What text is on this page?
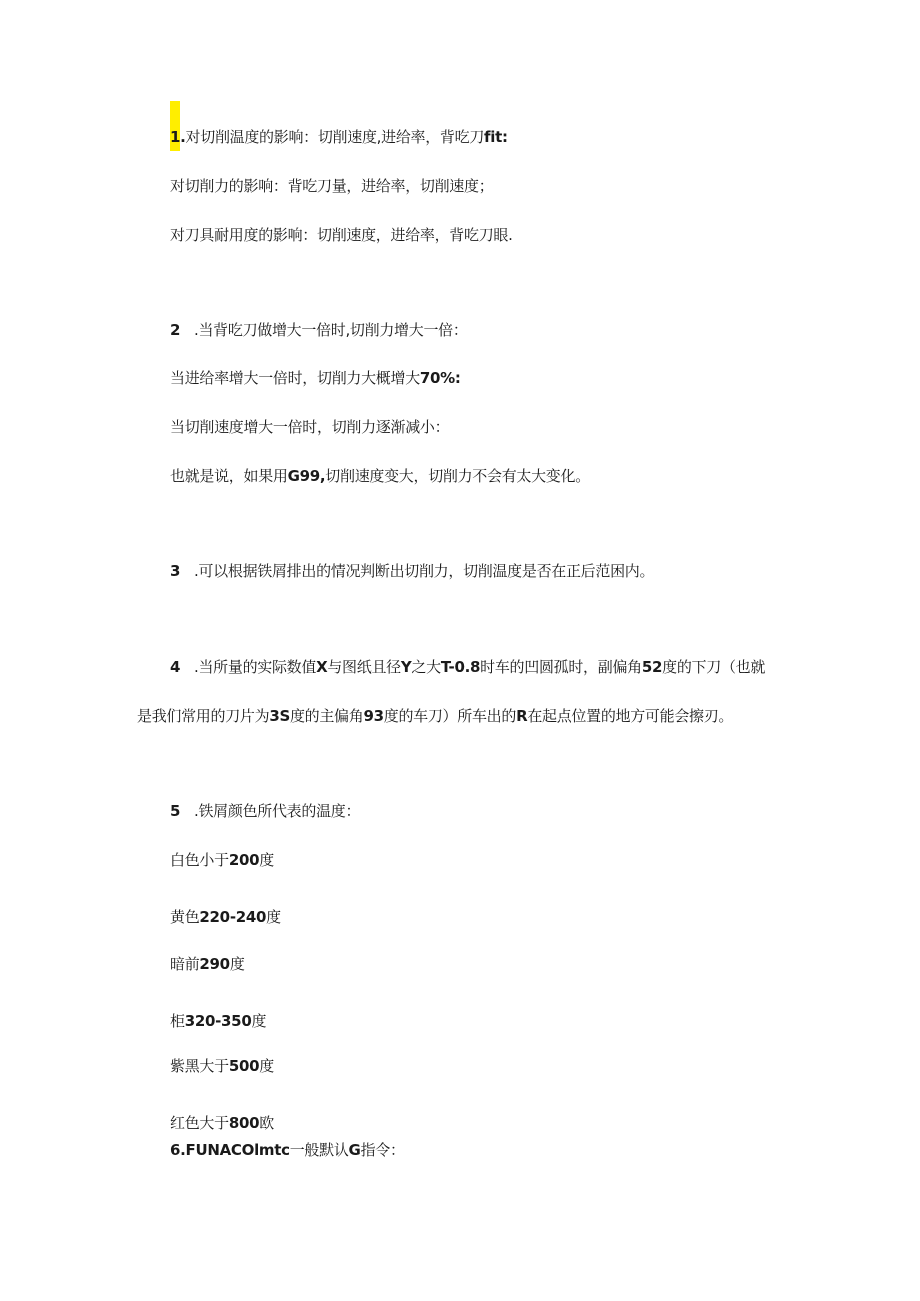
1.对切削温度的影响：切削速度,进给率，背吃刀fit:
对切削力的影响：背吃刀量，进给率，切削速度；
对刀具耐用度的影响：切削速度，进给率，背吃刀眼.
2 .当背吃刀做增大一倍时,切削力增大一倍：
当进给率增大一倍时，切削力大概增大70%:
当切削速度增大一倍时，切削力逐渐减小：
也就是说，如果用G99,切削速度变大，切削力不会有太大变化。
3 .可以根据铁屑排出的情况判断出切削力，切削温度是否在正后范困内。
4 .当所量的实际数值X与图纸且径Y之大T-0.8时车的凹圆孤时，副偏角52度的下刀（也就
是我们常用的刀片为3S度的主偏角93度的车刀）所车出的R在起点位置的地方可能会擦刃。
5 .铁屑颜色所代表的温度：
白色小于200度
黄色220-240度
暗前290度
柜320-350度
紫黑大于500度
红色大于800欧
6.FUNACOlmtc一般默认G指令：
